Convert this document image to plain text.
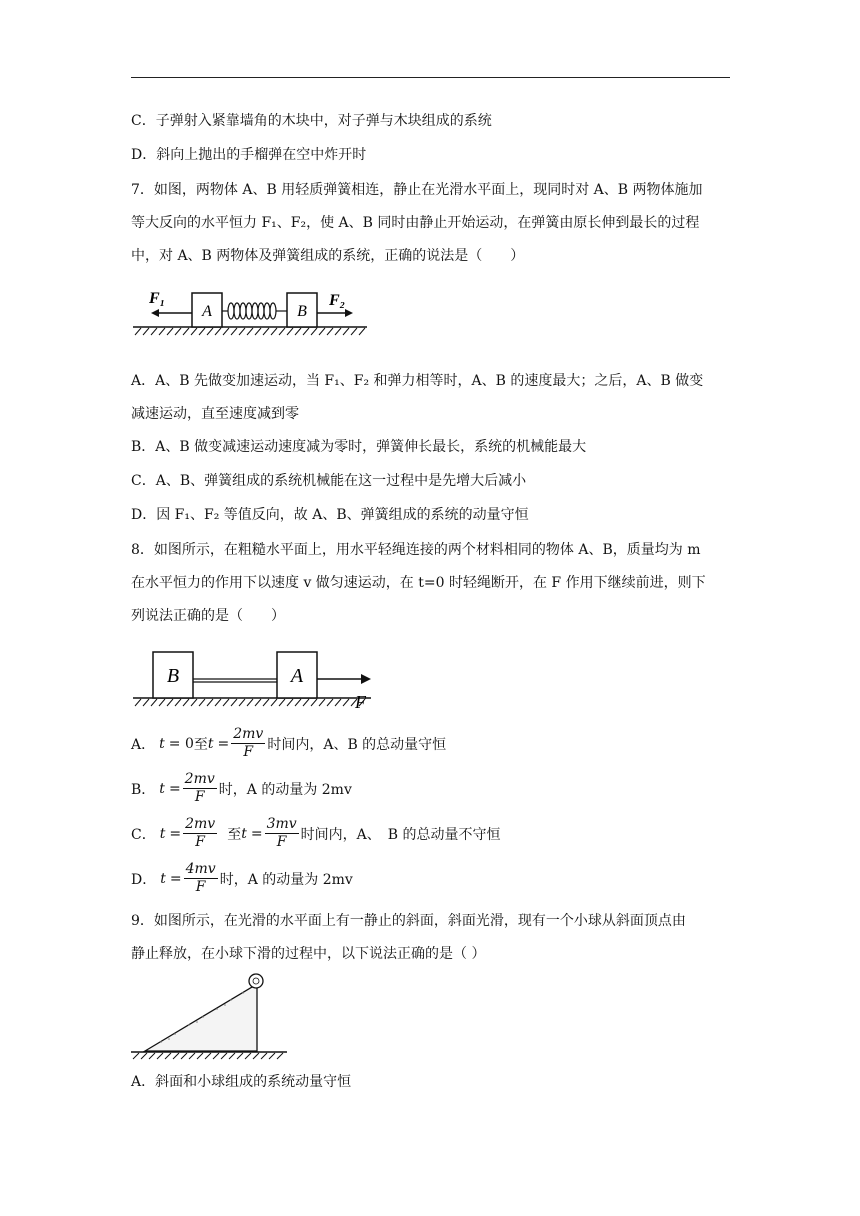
C．子弹射入紧靠墙角的木块中，对子弹与木块组成的系统
D．斜向上抛出的手榴弹在空中炸开时
7．如图，两物体 A、B 用轻质弹簧相连，静止在光滑水平面上，现同时对 A、B 两物体施加
等大反向的水平恒力 F₁、F₂，使 A、B 同时由静止开始运动，在弹簧由原长伸到最长的过程
中，对 A、B 两物体及弹簧组成的系统，正确的说法是（　　）
A	B
F₁	F₂
A．A、B 先做变加速运动，当 F₁、F₂ 和弹力相等时，A、B 的速度最大；之后，A、B 做变
减速运动，直至速度减到零
B．A、B 做变减速运动速度减为零时，弹簧伸长最长，系统的机械能最大
C．A、B、弹簧组成的系统机械能在这一过程中是先增大后减小
D．因 F₁、F₂ 等值反向，故 A、B、弹簧组成的系统的动量守恒
8．如图所示，在粗糙水平面上，用水平轻绳连接的两个材料相同的物体 A、B，质量均为 m
在水平恒力的作用下以速度 v 做匀速运动，在 t=0 时轻绳断开，在 F 作用下继续前进，则下
列说法正确的是（　　）
B	A
F
A． t = 0 至 $t = \frac{2mv}{F}$ 时间内，A、B 的总动量守恒
B． $t = \frac{2mv}{F}$ 时，A 的动量为 2mv
C． $t = \frac{2mv}{F}$ 至 $t = \frac{3mv}{F}$ 时间内，A、　B 的总动量不守恒
D． $t = \frac{4mv}{F}$ 时，A 的动量为 2mv
9．如图所示，在光滑的水平面上有一静止的斜面，斜面光滑，现有一个小球从斜面顶点由
静止释放，在小球下滑的过程中，以下说法正确的是（ ）
A．斜面和小球组成的系统动量守恒
